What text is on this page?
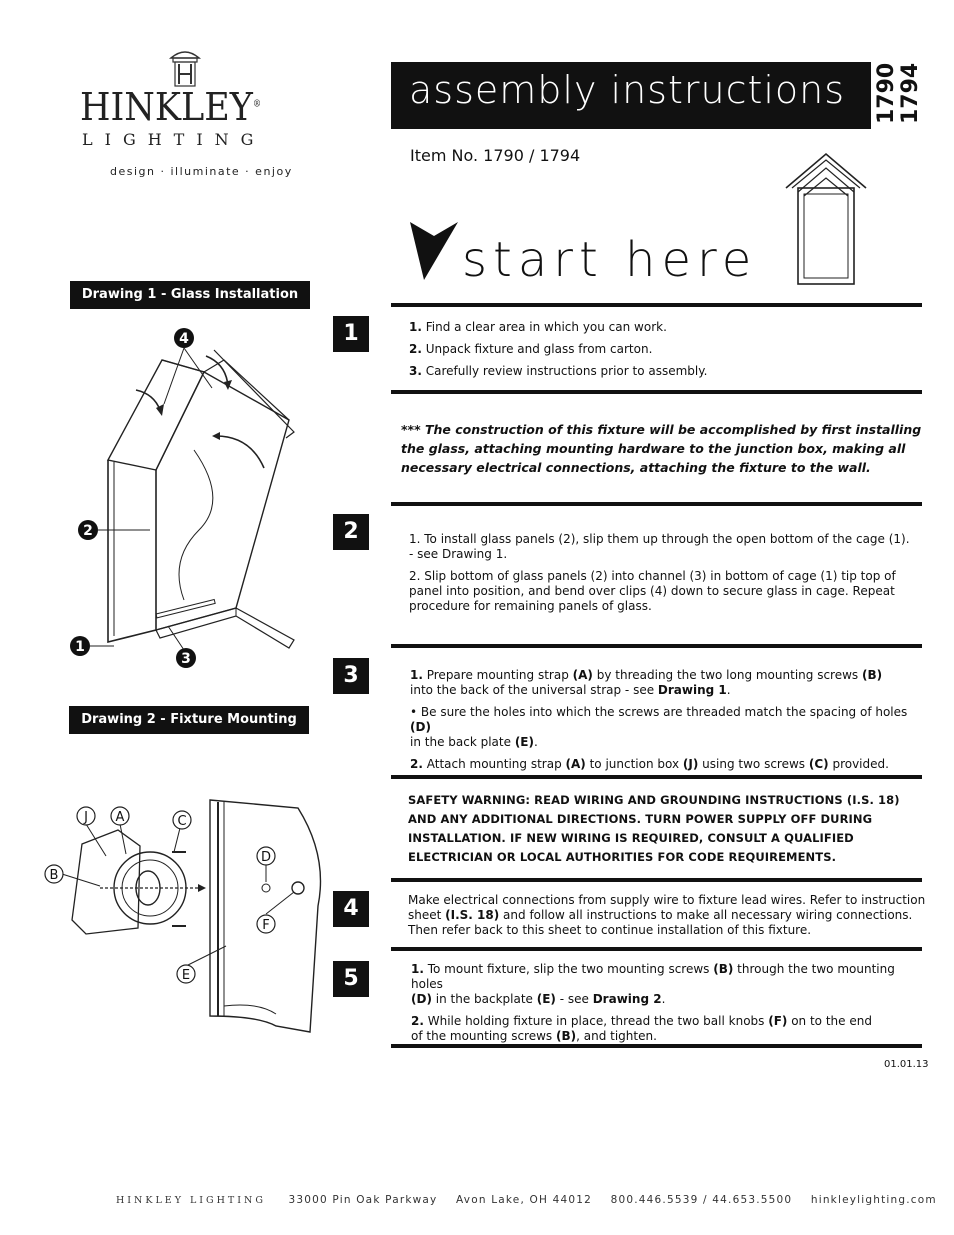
HINKLEY®
LIGHTING
design · illuminate · enjoy
assembly instructions	1790 1794
Item No. 1790 / 1794
start here
Drawing 1 - Glass Installation
4
2
1
3
Drawing 2 - Fixture Mounting
J A	C
B
D
F
E
1	1. Find a clear area in which you can work.

2. Unpack fixture and glass from carton.

3. Carefully review instructions prior to assembly.

*** The construction of this fixture will be accomplished by first installing the glass, attaching mounting hardware to the junction box, making all necessary electrical connections, attaching the fixture to the wall.
2	1. To install glass panels (2), slip them up through the open bottom of the cage (1).
- see Drawing 1.
2. Slip bottom of glass panels (2) into channel (3) in bottom of cage (1) tip top of panel into position, and bend over clips (4) down to secure glass in cage. Repeat procedure for remaining panels of glass.
3	1. Prepare mounting strap (A) by threading the two long mounting screws (B)
into the back of the universal strap - see Drawing 1.
• Be sure the holes into which the screws are threaded match the spacing of holes (D)
in the back plate (E).
2. Attach mounting strap (A) to junction box (J) using two screws (C) provided.
SAFETY WARNING: READ WIRING AND GROUNDING INSTRUCTIONS (I.S. 18) AND ANY ADDITIONAL DIRECTIONS. TURN POWER SUPPLY OFF DURING INSTALLATION. IF NEW WIRING IS REQUIRED, CONSULT A QUALIFIED ELECTRICIAN OR LOCAL AUTHORITIES FOR CODE REQUIREMENTS.
4	Make electrical connections from supply wire to fixture lead wires. Refer to instruction sheet (I.S. 18) and follow all instructions to make all necessary wiring connections. Then refer back to this sheet to continue installation of this fixture.
5	1. To mount fixture, slip the two mounting screws (B) through the two mounting holes
(D) in the backplate (E) - see Drawing 2.
2. While holding fixture in place, thread the two ball knobs (F) on to the end
of the mounting screws (B), and tighten.
01.01.13
HINKLEY LIGHTING 33000 Pin Oak Parkway Avon Lake, OH 44012 800.446.5539 / 44.653.5500 hinkleylighting.com
